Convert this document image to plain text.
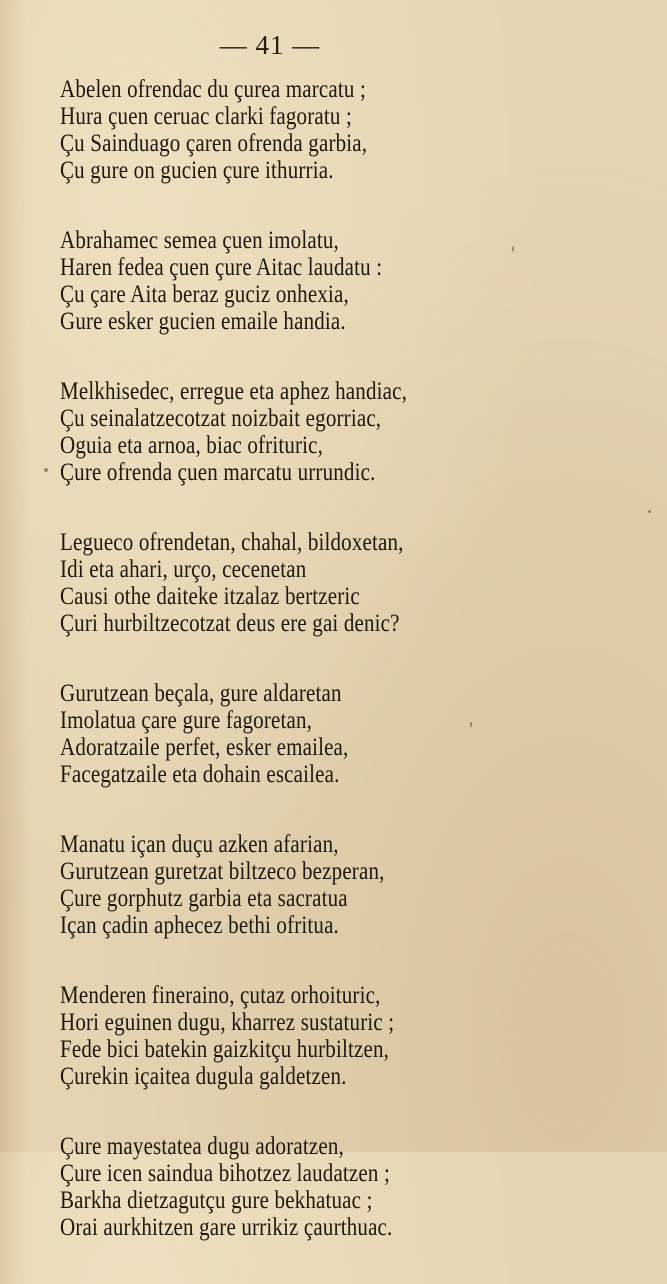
— 41 —
Abelen ofrendac du çurea marcatu ;
Hura çuen ceruac clarki fagoratu ;
Çu Sainduago çaren ofrenda garbia,
Çu gure on gucien çure ithurria.
Abrahamec semea çuen imolatu,
Haren fedea çuen çure Aitac laudatu :
Çu çare Aita beraz guciz onhexia,
Gure esker gucien emaile handia.
Melkhisedec, erregue eta aphez handiac,
Çu seinalatzecotzat noizbait egorriac,
Oguia eta arnoa, biac ofrituric,
Çure ofrenda çuen marcatu urrundic.
Legueco ofrendetan, chahal, bildoxetan,
Idi eta ahari, urço, cecenetan
Causi othe daiteke itzalaz bertzeric
Çuri hurbiltzecotzat deus ere gai denic?
Gurutzean beçala, gure aldaretan
Imolatua çare gure fagoretan,
Adoratzaile perfet, esker emailea,
Facegatzaile eta dohain escailea.
Manatu içan duçu azken afarian,
Gurutzean guretzat biltzeco bezperan,
Çure gorphutz garbia eta sacratua
Içan çadin aphecez bethi ofritua.
Menderen fineraino, çutaz orhoituric,
Hori eguinen dugu, kharrez sustaturic ;
Fede bici batekin gaizkitçu hurbiltzen,
Çurekin içaitea dugula galdetzen.
Çure mayestatea dugu adoratzen,
Çure icen saindua bihotzez laudatzen ;
Barkha dietzagutçu gure bekhatuac ;
Orai aurkhitzen gare urrikiz çaurthuac.
